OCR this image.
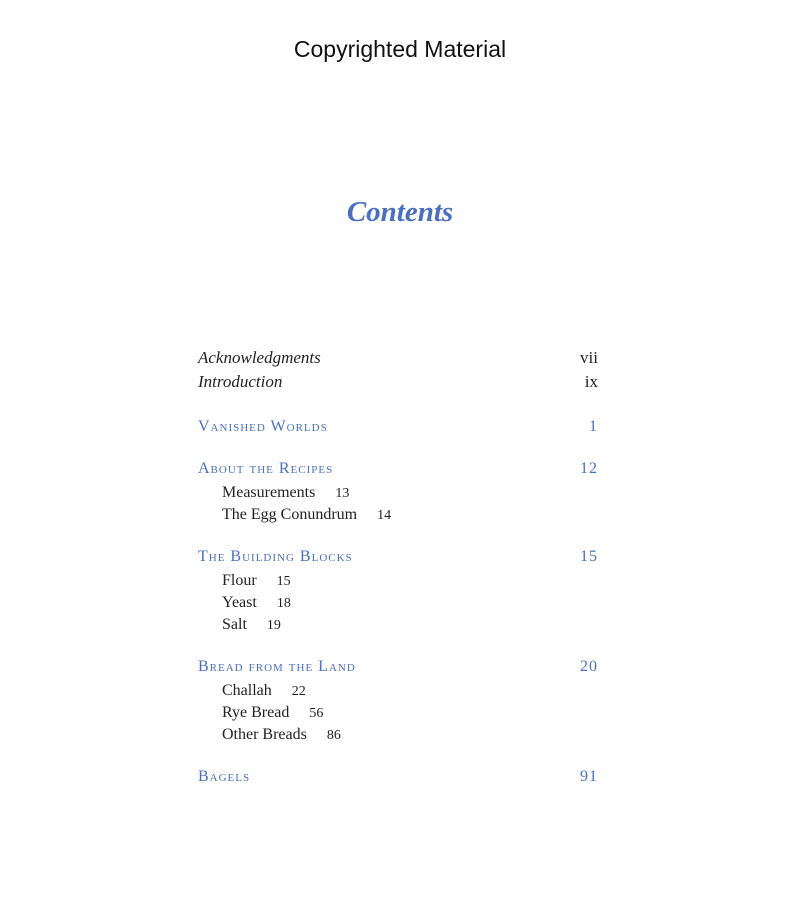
Copyrighted Material
Contents
Acknowledgments	vii
Introduction	ix
Vanished Worlds	1
About the Recipes	12
Measurements 13
The Egg Conundrum 14
The Building Blocks	15
Flour 15
Yeast 18
Salt 19
Bread from the Land	20
Challah 22
Rye Bread 56
Other Breads 86
Bagels	91
